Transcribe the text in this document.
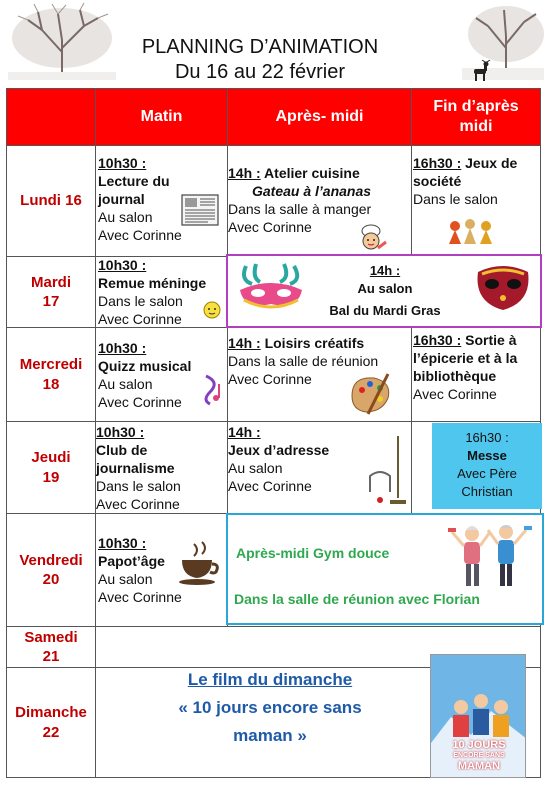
PLANNING D’ANIMATION
Du 16 au 22 février
Matin	Après- midi
Fin d’après
midi
Lundi 16
Mardi
17
Mercredi
18
Jeudi
19
Vendredi
20
Samedi
21
Dimanche
22
10h30 :
Lecture du
journal
Au salon
Avec Corinne
14h : Atelier cuisine
Gateau à l’ananas
Dans la salle à manger
Avec Corinne
16h30 : Jeux de
société
Dans le salon
10h30 :
Remue méninge
Dans le salon
Avec Corinne
14h :
Au salon
Bal du Mardi Gras
10h30 :
Quizz musical
Au salon
Avec Corinne
14h : Loisirs créatifs
Dans la salle de réunion
Avec Corinne
16h30 : Sortie à
l’épicerie et à la
bibliothèque
Avec Corinne
10h30 :
Club de
journalisme
Dans le salon
Avec Corinne
14h :
Jeux d’adresse
Au salon
Avec Corinne
16h30 :
Messe
Avec Père
Christian
10h30 :
Papot’âge
Au salon
Avec Corinne
Après-midi Gym douce
Dans la salle de réunion avec Florian
Le film du dimanche
« 10 jours encore sans
maman »	10 JOURS
ENCORE SANS
MAMAN
